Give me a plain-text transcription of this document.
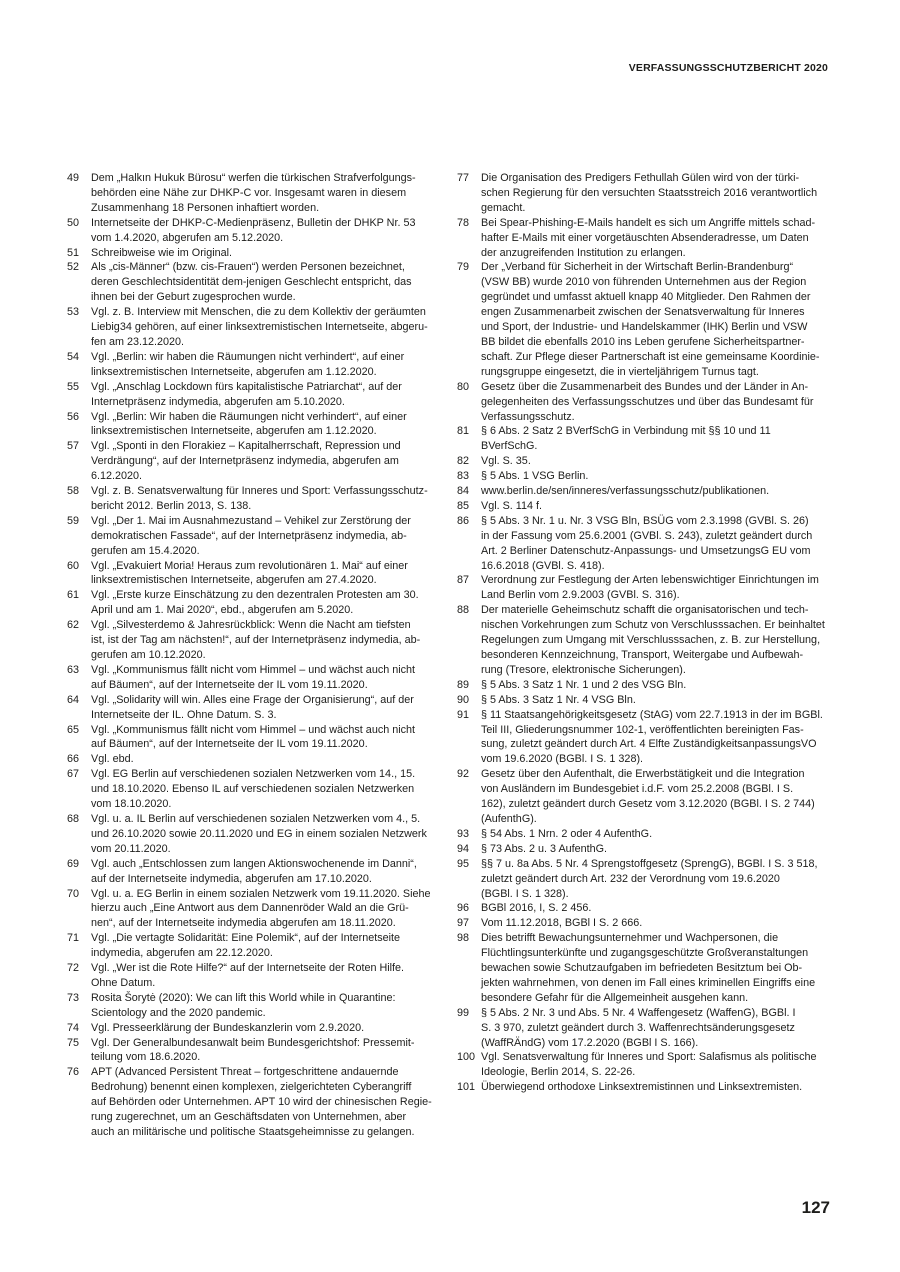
VERFASSUNGSSCHUTZBERICHT 2020
49	Dem „Halkın Hukuk Bürosu“ werfen die türkischen Strafverfolgungs-
behörden eine Nähe zur DHKP-C vor. Insgesamt waren in diesem
Zusammenhang 18 Personen inhaftiert worden.
50	Internetseite der DHKP-C-Medienpräsenz, Bulletin der DHKP Nr. 53
vom 1.4.2020, abgerufen am 5.12.2020.
51	Schreibweise wie im Original.
52	Als „cis-Männer“ (bzw. cis-Frauen“) werden Personen bezeichnet,
deren Geschlechtsidentität dem-jenigen Geschlecht entspricht, das
ihnen bei der Geburt zugesprochen wurde.
53	Vgl. z. B. Interview mit Menschen, die zu dem Kollektiv der geräumten
Liebig34 gehören, auf einer linksextremistischen Internetseite, abgeru-
fen am 23.12.2020.
54	Vgl. „Berlin: wir haben die Räumungen nicht verhindert“, auf einer
linksextremistischen Internetseite, abgerufen am 1.12.2020.
55	Vgl. „Anschlag Lockdown fürs kapitalistische Patriarchat“, auf der
Internetpräsenz indymedia, abgerufen am 5.10.2020.
56	Vgl. „Berlin: Wir haben die Räumungen nicht verhindert“, auf einer
linksextremistischen Internetseite, abgerufen am 1.12.2020.
57	Vgl. „Sponti in den Florakiez – Kapitalherrschaft, Repression und
Verdrängung“, auf der Internetpräsenz indymedia, abgerufen am
6.12.2020.
58	Vgl. z. B. Senatsverwaltung für Inneres und Sport: Verfassungsschutz-
bericht 2012. Berlin 2013, S. 138.
59	Vgl. „Der 1. Mai im Ausnahmezustand – Vehikel zur Zerstörung der
demokratischen Fassade“, auf der Internetpräsenz indymedia, ab-
gerufen am 15.4.2020.
60	Vgl. „Evakuiert Moria! Heraus zum revolutionären 1. Mai“ auf einer
linksextremistischen Internetseite, abgerufen am 27.4.2020.
61	Vgl. „Erste kurze Einschätzung zu den dezentralen Protesten am 30.
April und am 1. Mai 2020“, ebd., abgerufen am 5.2020.
62	Vgl. „Silvesterdemo & Jahresrückblick: Wenn die Nacht am tiefsten
ist, ist der Tag am nächsten!“, auf der Internetpräsenz indymedia, ab-
gerufen am 10.12.2020.
63	Vgl. „Kommunismus fällt nicht vom Himmel – und wächst auch nicht
auf Bäumen“, auf der Internetseite der IL vom 19.11.2020.
64	Vgl. „Solidarity will win. Alles eine Frage der Organisierung“, auf der
Internetseite der IL. Ohne Datum. S. 3.
65	Vgl. „Kommunismus fällt nicht vom Himmel – und wächst auch nicht
auf Bäumen“, auf der Internetseite der IL vom 19.11.2020.
66	Vgl. ebd.
67	Vgl. EG Berlin auf verschiedenen sozialen Netzwerken vom 14., 15.
und 18.10.2020. Ebenso IL auf verschiedenen sozialen Netzwerken
vom 18.10.2020.
68	Vgl. u. a. IL Berlin auf verschiedenen sozialen Netzwerken vom 4., 5.
und 26.10.2020 sowie 20.11.2020 und EG in einem sozialen Netzwerk
vom 20.11.2020.
69	Vgl. auch „Entschlossen zum langen Aktionswochenende im Danni“,
auf der Internetseite indymedia, abgerufen am 17.10.2020.
70	Vgl. u. a. EG Berlin in einem sozialen Netzwerk vom 19.11.2020. Siehe
hierzu auch „Eine Antwort aus dem Dannenröder Wald an die Grü-
nen“, auf der Internetseite indymedia abgerufen am 18.11.2020.
71	Vgl. „Die vertagte Solidarität: Eine Polemik“, auf der Internetseite
indymedia, abgerufen am 22.12.2020.
72	Vgl. „Wer ist die Rote Hilfe?“ auf der Internetseite der Roten Hilfe.
Ohne Datum.
73	Rosita Šorytė (2020): We can lift this World while in Quarantine:
Scientology and the 2020 pandemic.
74	Vgl. Presseerklärung der Bundeskanzlerin vom 2.9.2020.
75	Vgl. Der Generalbundesanwalt beim Bundesgerichtshof: Pressemit-
teilung vom 18.6.2020.
76	APT (Advanced Persistent Threat – fortgeschrittene andauernde
Bedrohung) benennt einen komplexen, zielgerichteten Cyberangriff
auf Behörden oder Unternehmen. APT 10 wird der chinesischen Regie-
rung zugerechnet, um an Geschäftsdaten von Unternehmen, aber
auch an militärische und politische Staatsgeheimnisse zu gelangen.
77	Die Organisation des Predigers Fethullah Gülen wird von der türki-
schen Regierung für den versuchten Staatsstreich 2016 verantwortlich
gemacht.
78	Bei Spear-Phishing-E-Mails handelt es sich um Angriffe mittels schad-
hafter E-Mails mit einer vorgetäuschten Absenderadresse, um Daten
der anzugreifenden Institution zu erlangen.
79	Der „Verband für Sicherheit in der Wirtschaft Berlin-Brandenburg“
(VSW BB) wurde 2010 von führenden Unternehmen aus der Region
gegründet und umfasst aktuell knapp 40 Mitglieder. Den Rahmen der
engen Zusammenarbeit zwischen der Senatsverwaltung für Inneres
und Sport, der Industrie- und Handelskammer (IHK) Berlin und VSW
BB bildet die ebenfalls 2010 ins Leben gerufene Sicherheitspartner-
schaft. Zur Pflege dieser Partnerschaft ist eine gemeinsame Koordinie-
rungsgruppe eingesetzt, die in vierteljährigem Turnus tagt.
80	Gesetz über die Zusammenarbeit des Bundes und der Länder in An-
gelegenheiten des Verfassungsschutzes und über das Bundesamt für
Verfassungsschutz.
81	§ 6 Abs. 2 Satz 2 BVerfSchG in Verbindung mit §§ 10 und 11
BVerfSchG.
82	Vgl. S. 35.
83	§ 5 Abs. 1 VSG Berlin.
84	www.berlin.de/sen/inneres/verfassungsschutz/publikationen.
85	Vgl. S. 114 f.
86	§ 5 Abs. 3 Nr. 1 u. Nr. 3 VSG Bln, BSÜG vom 2.3.1998 (GVBl. S. 26)
in der Fassung vom 25.6.2001 (GVBl. S. 243), zuletzt geändert durch
Art. 2 Berliner Datenschutz-Anpassungs- und UmsetzungsG EU vom
16.6.2018 (GVBl. S. 418).
87	Verordnung zur Festlegung der Arten lebenswichtiger Einrichtungen im
Land Berlin vom 2.9.2003 (GVBl. S. 316).
88	Der materielle Geheimschutz schafft die organisatorischen und tech-
nischen Vorkehrungen zum Schutz von Verschlusssachen. Er beinhaltet
Regelungen zum Umgang mit Verschlusssachen, z. B. zur Herstellung,
besonderen Kennzeichnung, Transport, Weitergabe und Aufbewah-
rung (Tresore, elektronische Sicherungen).
89	§ 5 Abs. 3 Satz 1 Nr. 1 und 2 des VSG Bln.
90	§ 5 Abs. 3 Satz 1 Nr. 4 VSG Bln.
91	§ 11 Staatsangehörigkeitsgesetz (StAG) vom 22.7.1913 in der im BGBl.
Teil III, Gliederungsnummer 102-1, veröffentlichten bereinigten Fas-
sung, zuletzt geändert durch Art. 4 Elfte ZuständigkeitsanpassungsVO
vom 19.6.2020 (BGBl. I S. 1 328).
92	Gesetz über den Aufenthalt, die Erwerbstätigkeit und die Integration
von Ausländern im Bundesgebiet i.d.F. vom 25.2.2008 (BGBl. I S.
162), zuletzt geändert durch Gesetz vom 3.12.2020 (BGBl. I S. 2 744)
(AufenthG).
93	§ 54 Abs. 1 Nrn. 2 oder 4 AufenthG.
94	§ 73 Abs. 2 u. 3 AufenthG.
95	§§ 7 u. 8a Abs. 5 Nr. 4 Sprengstoffgesetz (SprengG), BGBl. I S. 3 518,
zuletzt geändert durch Art. 232 der Verordnung vom 19.6.2020
(BGBl. I S. 1 328).
96	BGBl 2016, I, S. 2 456.
97	Vom 11.12.2018, BGBl I S. 2 666.
98	Dies betrifft Bewachungsunternehmer und Wachpersonen, die
Flüchtlingsunterkünfte und zugangsgeschützte Großveranstaltungen
bewachen sowie Schutzaufgaben im befriedeten Besitztum bei Ob-
jekten wahrnehmen, von denen im Fall eines kriminellen Eingriffs eine
besondere Gefahr für die Allgemeinheit ausgehen kann.
99	§ 5 Abs. 2 Nr. 3 und Abs. 5 Nr. 4 Waffengesetz (WaffenG), BGBl. I
S. 3 970, zuletzt geändert durch 3. Waffenrechtsänderungsgesetz
(WaffRÄndG) vom 17.2.2020 (BGBl I S. 166).
100 Vgl. Senatsverwaltung für Inneres und Sport: Salafismus als politische
Ideologie, Berlin 2014, S. 22-26.
101 Überwiegend orthodoxe Linksextremistinnen und Linksextremisten.
127
